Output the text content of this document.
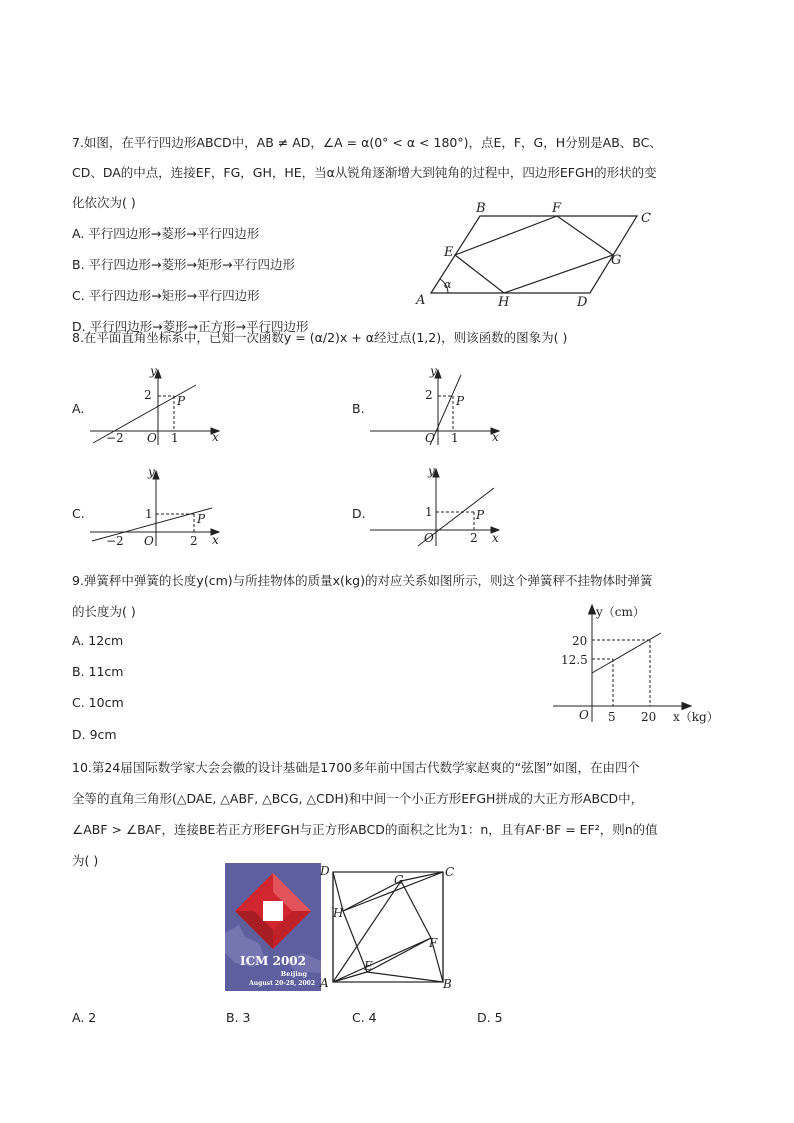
7.如图，在平行四边形ABCD中，AB ≠ AD，∠A = α(0° < α < 180°)，点E，F，G，H分别是AB、BC、
CD、DA的中点，连接EF，FG，GH，HE，当α从锐角逐渐增大到钝角的过程中，四边形EFGH的形状的变
化依次为( )
A. 平行四边形→菱形→平行四边形
B. 平行四边形→菱形→矩形→平行四边形
C. 平行四边形→矩形→平行四边形
D. 平行四边形→菱形→正方形→平行四边形
A
B
C
D
E
F
G
H
α
8.在平面直角坐标系中，已知一次函数y = (α/2)x + α经过点(1,2)，则该函数的图象为( )
A.
y
x
2
O 1
−2
P	B.
y
x
2
O 1
P
C.
y
x
1
O	2
−2
P	D.
y
x
1
O	2
P
9.弹簧秤中弹簧的长度y(cm)与所挂物体的质量x(kg)的对应关系如图所示，则这个弹簧秤不挂物体时弹簧
的长度为( )
A. 12cm
B. 11cm
C. 10cm
D. 9cm
y（cm）
x（kg）
20
12.5
O 5 20
10.第24届国际数学家大会会徽的设计基础是1700多年前中国古代数学家赵爽的“弦图”如图，在由四个
全等的直角三角形(△DAE, △ABF, △BCG, △CDH)和中间一个小正方形EFGH拼成的大正方形ABCD中，
∠ABF > ∠BAF，连接BE若正方形EFGH与正方形ABCD的面积之比为1：n，且有AF·BF = EF²，则n的值
为( )
ICM 2002
Beijing
August 20-28, 2002 A	B
C
D
E
F
G
H
A. 2	B. 3	C. 4	D. 5
